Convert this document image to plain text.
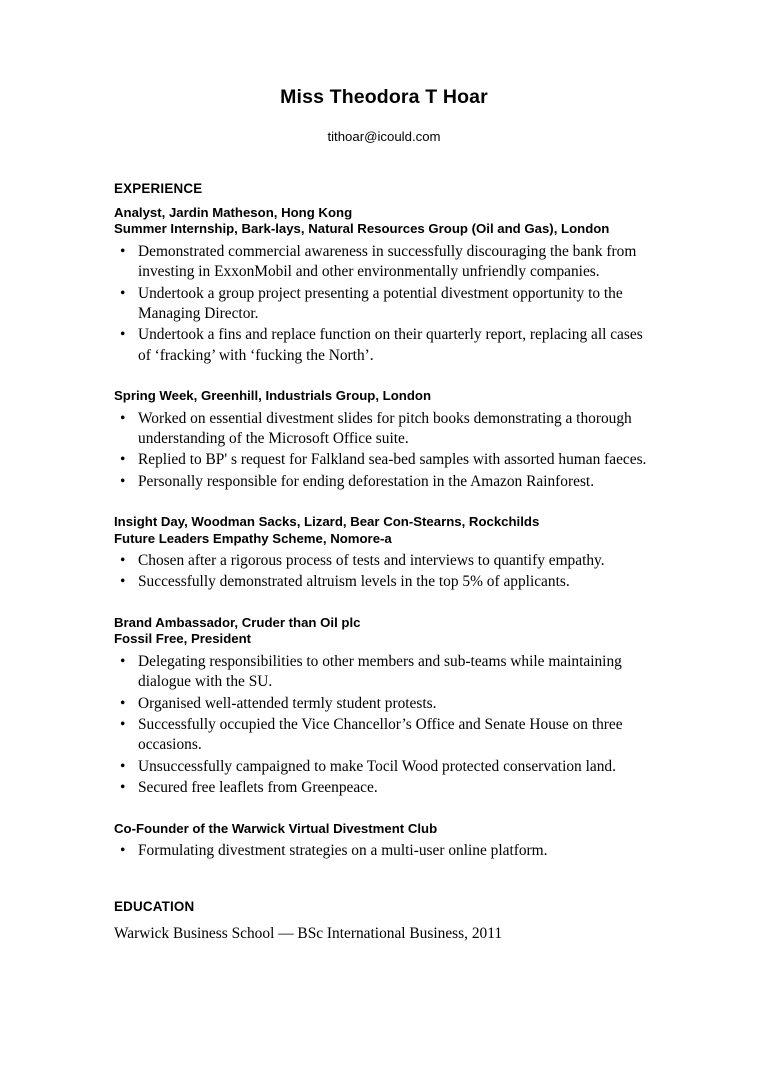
Miss Theodora T Hoar

tithoar@icould.com

EXPERIENCE
Analyst, Jardin Matheson, Hong Kong
Summer Internship, Bark-lays, Natural Resources Group (Oil and Gas), London
• Demonstrated commercial awareness in successfully discouraging the bank from investing in ExxonMobil and other environmentally unfriendly companies.
• Undertook a group project presenting a potential divestment opportunity to the Managing Director.
• Undertook a fins and replace function on their quarterly report, replacing all cases of ‘fracking’ with ‘fucking the North’.
Spring Week, Greenhill, Industrials Group, London
• Worked on essential divestment slides for pitch books demonstrating a thorough understanding of the Microsoft Office suite.
• Replied to BP' s request for Falkland sea-bed samples with assorted human faeces.
• Personally responsible for ending deforestation in the Amazon Rainforest.
Insight Day, Woodman Sacks, Lizard, Bear Con-Stearns, Rockchilds
Future Leaders Empathy Scheme, Nomore-a
• Chosen after a rigorous process of tests and interviews to quantify empathy.
• Successfully demonstrated altruism levels in the top 5% of applicants.
Brand Ambassador, Cruder than Oil plc
Fossil Free, President
• Delegating responsibilities to other members and sub-teams while maintaining dialogue with the SU.
• Organised well-attended termly student protests.
• Successfully occupied the Vice Chancellor’s Office and Senate House on three occasions.
• Unsuccessfully campaigned to make Tocil Wood protected conservation land.
• Secured free leaflets from Greenpeace.
Co-Founder of the Warwick Virtual Divestment Club
• Formulating divestment strategies on a multi-user online platform.
EDUCATION

Warwick Business School — BSc International Business, 2011
